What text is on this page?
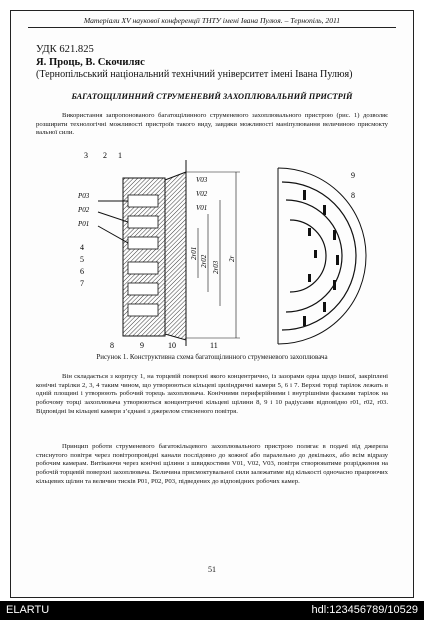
Матеріали XV наукової конференції ТНТУ імені Івана Пулюя. – Тернопіль, 2011
УДК 621.825
Я. Проць, В. Скочиляс
(Тернопільський національний технічний університет імені Івана Пулюя)
БАГАТОЩІЛИННИЙ СТРУМЕНЕВИЙ ЗАХОПЛЮВАЛЬНИЙ ПРИСТРІЙ
Використання запропонованого багатощілинного струменевого захоплювального пристрою (рис. 1) дозволяє розширити технологічні можливості пристроїв такого виду, завдяки можливості маніпулювання величиною присмокту вальної сили.
3 2 1
P03
P02
P01
V03
V02
V01
4
5
6
7
8	9	10	11
2r01
2r02 2r03
2r
9
8
Рисунок 1. Конструктивна схема багатощілинного струменевого захоплювача
Він складається з корпусу 1, на торцевій поверхні якого концентрично, із зазорами одна щодо іншої, закріплені конічні тарілки 2, 3, 4 таким чином, що утворюються кільцеві циліндричні камери 5, 6 і 7. Верхні торці тарілок лежать в одній площині і утворюють робочий торець захоплювача. Конічними периферійними і внутрішніми фасками тарілок на робочому торці захоплювача утворюються концентричні кільцеві щілини 8, 9 і 10 радіусами відповідно r01, r02, r03. Відповідні їм кільцеві камери з’єднані з джерелом стисненого повітря.
Принцип роботи струменевого багатокільцевого захоплювального пристрою полягає в подачі від джерела стиснутого повітря через повітропровідні канали послідовно до кожної або паралельно до декількох, або всім відразу робочим камерам. Витікаючи через конічні щілини з швидкостями V01, V02, V03, повітря створюватиме розрідження на робочій торцевій поверхні захоплювача. Величина присмоктувальної сили залежатиме від кількості одночасно працюючих кільцевих щілин та величин тисків P01, P02, P03, підведених до відповідних робочих камер.
51
ELARTU	hdl:123456789/10529
